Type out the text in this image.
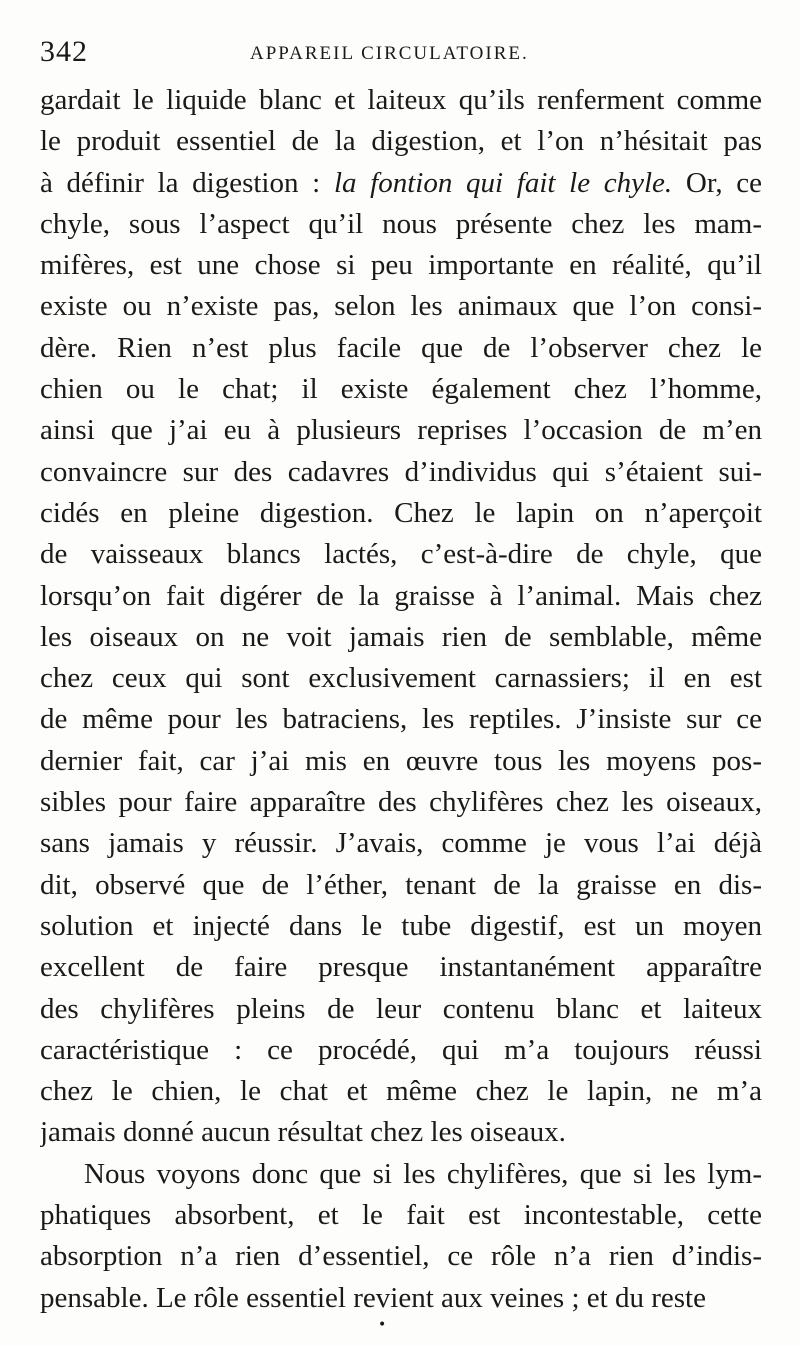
342	APPAREIL CIRCULATOIRE.
gardait le liquide blanc et laiteux qu’ils renferment comme
le produit essentiel de la digestion, et l’on n’hésitait pas
à définir la digestion : la fontion qui fait le chyle. Or, ce
chyle, sous l’aspect qu’il nous présente chez les mam-
mifères, est une chose si peu importante en réalité, qu’il
existe ou n’existe pas, selon les animaux que l’on consi-
dère. Rien n’est plus facile que de l’observer chez le
chien ou le chat; il existe également chez l’homme,
ainsi que j’ai eu à plusieurs reprises l’occasion de m’en
convaincre sur des cadavres d’individus qui s’étaient sui-
cidés en pleine digestion. Chez le lapin on n’aperçoit
de vaisseaux blancs lactés, c’est-à-dire de chyle, que
lorsqu’on fait digérer de la graisse à l’animal. Mais chez
les oiseaux on ne voit jamais rien de semblable, même
chez ceux qui sont exclusivement carnassiers; il en est
de même pour les batraciens, les reptiles. J’insiste sur ce
dernier fait, car j’ai mis en œuvre tous les moyens pos-
sibles pour faire apparaître des chylifères chez les oiseaux,
sans jamais y réussir. J’avais, comme je vous l’ai déjà
dit, observé que de l’éther, tenant de la graisse en dis-
solution et injecté dans le tube digestif, est un moyen
excellent de faire presque instantanément apparaître
des chylifères pleins de leur contenu blanc et laiteux
caractéristique : ce procédé, qui m’a toujours réussi
chez le chien, le chat et même chez le lapin, ne m’a
jamais donné aucun résultat chez les oiseaux.
Nous voyons donc que si les chylifères, que si les lym-
phatiques absorbent, et le fait est incontestable, cette
absorption n’a rien d’essentiel, ce rôle n’a rien d’indis-
pensable. Le rôle essentiel revient aux veines ; et du reste
•
